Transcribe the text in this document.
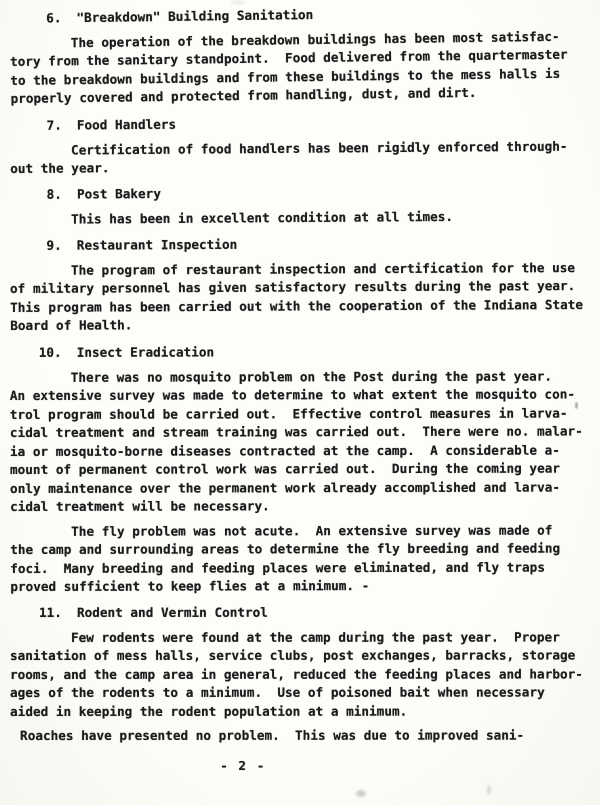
6. "Breakdown" Building Sanitation
The operation of the breakdown buildings has been most satisfac-
tory from the sanitary standpoint.  Food delivered from the quartermaster
to the breakdown buildings and from these buildings to the mess halls is
properly covered and protected from handling, dust, and dirt.
7. Food Handlers
Certification of food handlers has been rigidly enforced through-
out the year.
8. Post Bakery
This has been in excellent condition at all times.
9. Restaurant Inspection
The program of restaurant inspection and certification for the use
of military personnel has given satisfactory results during the past year.
This program has been carried out with the cooperation of the Indiana State
Board of Health.
10. Insect Eradication
There was no mosquito problem on the Post during the past year.
An extensive survey was made to determine to what extent the mosquito con-
trol program should be carried out.  Effective control measures in larva-
cidal treatment and stream training was carried out.  There were no. malar-
ia or mosquito-borne diseases contracted at the camp.  A considerable a-
mount of permanent control work was carried out.  During the coming year
only maintenance over the permanent work already accomplished and larva-
cidal treatment will be necessary.
The fly problem was not acute.  An extensive survey was made of
the camp and surrounding areas to determine the fly breeding and feeding
foci.  Many breeding and feeding places were eliminated, and fly traps
proved sufficient to keep flies at a minimum. -
11. Rodent and Vermin Control
Few rodents were found at the camp during the past year.  Proper
sanitation of mess halls, service clubs, post exchanges, barracks, storage
rooms, and the camp area in general, reduced the feeding places and harbor-
ages of the rodents to a minimum.  Use of poisoned bait when necessary
aided in keeping the rodent population at a minimum.
Roaches have presented no problem.  This was due to improved sani-
- 2 -
